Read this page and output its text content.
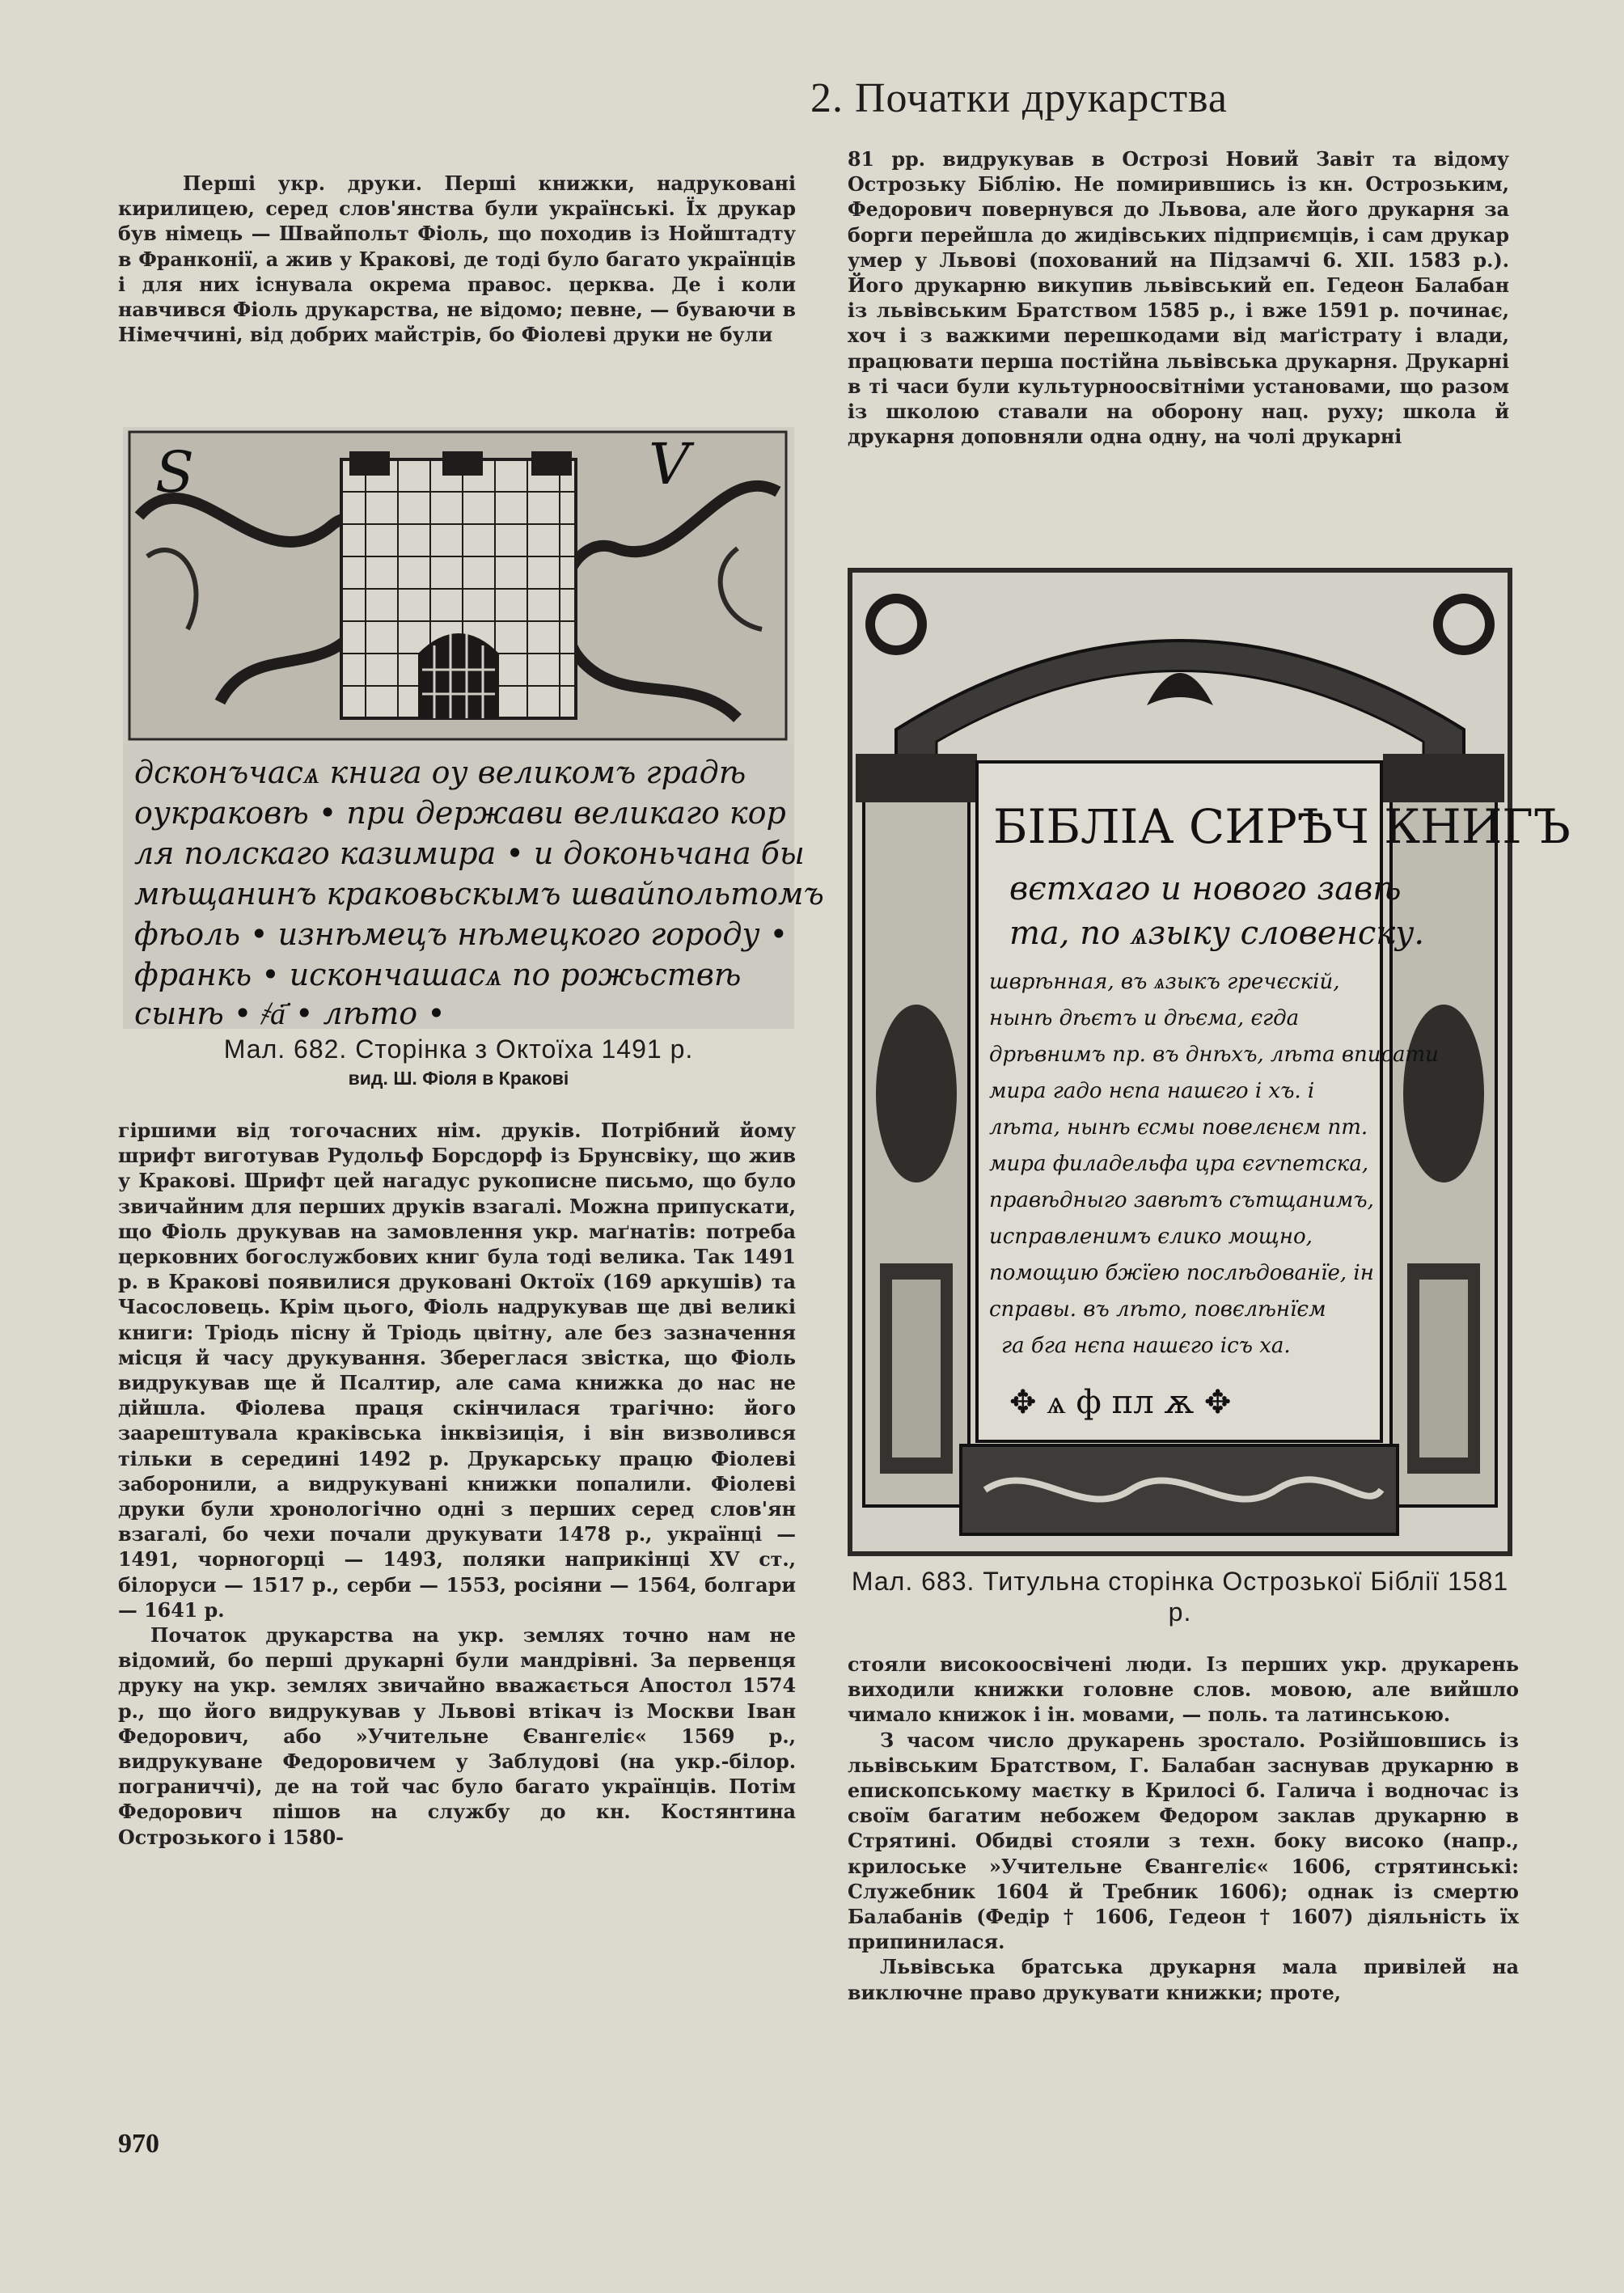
2. Початки друкарства

Перші укр. друки. Перші книжки, надруковані кирилицею, серед слов'янства були українські. Їх друкар був німець — Швайпольт Фіоль, що походив із Нойштадту в Франконії, а жив у Кракові, де тоді було багато українців і для них існувала окрема правос. церква. Де і коли навчився Фіоль друкарства, не відомо; певне, — буваючи в Німеччині, від добрих майстрів, бо Фіолеві друки не були

S	V
дсконъчасѧ книга оу великомъ градѣ
оукраковѣ • при держави великаго кор
ля полскаго казимира • и доконьчана бы
мѣщанинъ краковьскымъ швайпольтомъ
фѣоль • изнѣмецъ нѣмецкого городу •
франкь • искончашасѧ по рожьствѣ
сынѣ • ҂а҃ • лѣто •
Мал. 682. Сторінка з Октоїха 1491 р.
вид. Ш. Фіоля в Кракові

гіршими від тогочасних нім. друків. Потрібний йому шрифт виготував Рудольф Борсдорф із Брунсвіку, що жив у Кракові. Шрифт цей нагадус рукописне письмо, що було звичайним для перших друків взагалі. Можна припускати, що Фіоль друкував на замовлення укр. маґнатів: потреба церковних богослужбових книг була тоді велика. Так 1491 р. в Кракові появилися друковані Октоїх (169 аркушів) та Часословець. Крім цього, Фіоль надрукував ще дві великі книги: Тріодь пісну й Тріодь цвітну, але без зазначення місця й часу друкування. Збереглася звістка, що Фіоль видрукував ще й Псалтир, але сама книжка до нас не дійшла. Фіолева праця скінчилася трагічно: його заарештувала краківська інквізиція, і він визволився тільки в середині 1492 р. Друкарську працю Фіолеві заборонили, а видрукувані книжки попалили. Фіолеві друки були хронологічно одні з перших серед слов'ян взагалі, бо чехи почали друкувати 1478 р., українці — 1491, чорногорці — 1493, поляки наприкінці XV ст., білоруси — 1517 р., серби — 1553, росіяни — 1564, болгари — 1641 р.

Початок друкарства на укр. землях точно нам не відомий, бо перші друкарні були мандрівні. За первенця друку на укр. землях звичайно вважається Апостол 1574 р., що його видрукував у Львові втікач із Москви Іван Федорович, або »Учительне Євангеліє« 1569 р., видрукуване Федоровичем у Заблудові (на укр.-білор. пограниччі), де на той час було багато українців. Потім Федорович пішов на службу до кн. Костянтина Острозького і 1580-

81 рр. видрукував в Острозі Новий Завіт та відому Острозьку Біблію. Не помирившись із кн. Острозьким, Федорович повернувся до Львова, але його друкарня за борги перейшла до жидівських підприємців, і сам друкар умер у Львові (похований на Підзамчі 6. XII. 1583 р.). Його друкарню викупив львівський еп. Гедеон Балабан із львівським Братством 1585 р., і вже 1591 р. починає, хоч і з важкими перешкодами від маґістрату і влади, працювати перша постійна львівська друкарня. Друкарні в ті часи були культурноосвітніми установами, що разом із школою ставали на оборону нац. руху; школа й друкарня доповняли одна одну, на чолі друкарні

БІБЛІА СИРѢЧ КНИГЪ
вєтхаго и нового завѣ
та, по ѧзыку словенску.
шврѣнная, въ ѧзыкъ гречєскій,
нынѣ дѣєтъ и дѣєма, єгда
дрѣвнимъ пр. въ днѣхъ, лѣта вписати
мира гадо нєпа нашєго і хъ. і
лѣта, нынѣ єсмы повелєнєм пт.
мира филадельфа цра єгѵпетска,
правѣдныго завѣтъ сътщанимъ,
исправленимъ єлико мощно,
помощию бжїею послѣдованїе, ін
справы. въ лѣто, повєлѣнїєм
га бга нєпа нашєго ісъ ха.
✥ ѧ ф пл ѫ ✥
Мал. 683. Титульна сторінка Острозької Біблії 1581 р.

стояли високоосвічені люди. Із перших укр. друкарень виходили книжки головне слов. мовою, але вийшло чимало книжок і ін. мовами, — поль. та латинською.

З часом число друкарень зростало. Розійшовшись із львівським Братством, Г. Балабан заснував друкарню в епископському маєтку в Крилосі б. Галича і водночас із своїм багатим небожем Федором заклав друкарню в Стрятині. Обидві стояли з техн. боку високо (напр., крилоське »Учительне Євангеліє« 1606, стрятинські: Служебник 1604 й Требник 1606); однак із смертю Балабанів (Федір † 1606, Гедеон † 1607) діяльність їх припинилася.

Львівська братська друкарня мала привілей на виключне право друкувати книжки; проте,

970
